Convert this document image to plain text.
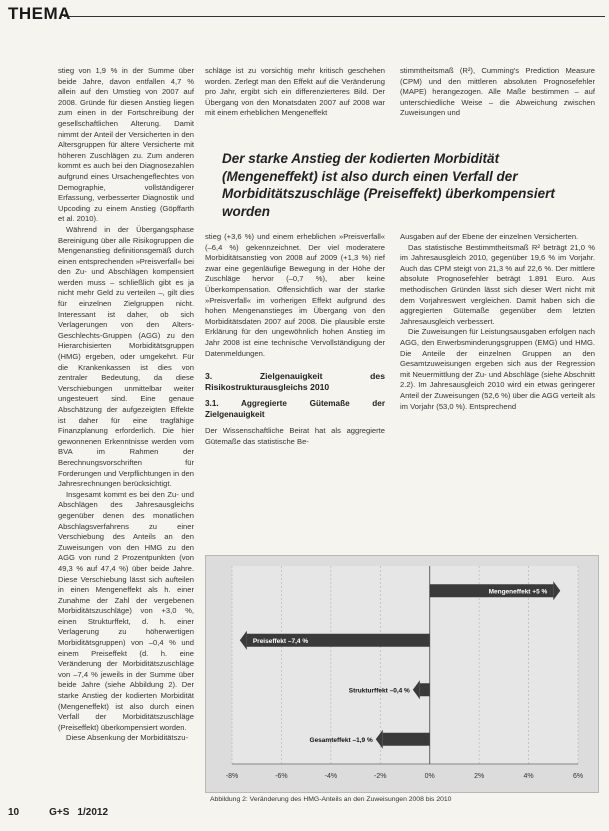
THEMA

stieg von 1,9 % in der Summe über beide Jahre, davon entfallen 4,7 % allein auf den Umstieg von 2007 auf 2008. Gründe für diesen Anstieg liegen zum einen in der Fortschreibung der gesellschaftlichen Alterung. Damit nimmt der Anteil der Versicherten in den Altersgruppen für ältere Versicherte mit höheren Zuschlägen zu. Zum anderen kommt es auch bei den Diagnosezahlen aufgrund eines Ursachengeflechtes von Demographie, vollständigerer Erfassung, verbesserter Diagnostik und Upcoding zu einem Anstieg (Göpffarth et al. 2010).

Während in der Übergangsphase Bereinigung über alle Risikogruppen die Mengenanstieg definitionsgemäß durch einen entsprechenden »Preisverfall« bei den Zu- und Abschlägen kompensiert werden muss – schließlich gibt es ja nicht mehr Geld zu verteilen –, gilt dies für einzelnen Zielgruppen nicht. Interessant ist daher, ob sich Verlagerungen von den Alters-Geschlechts-Gruppen (AGG) zu den Hierarchisierten Morbiditätsgruppen (HMG) ergeben, oder umgekehrt. Für die Krankenkassen ist dies von zentraler Bedeutung, da diese Verschiebungen unmittelbar weiter ungesteuert sind. Eine genaue Abschätzung der aufgezeigten Effekte ist daher für eine tragfähige Finanzplanung erforderlich. Die hier gewonnenen Erkenntnisse werden vom BVA im Rahmen der Berechnungsvorschriften für Forderungen und Verpflichtungen in den Jahresrechnungen berücksichtigt.

Insgesamt kommt es bei den Zu- und Abschlägen des Jahresausgleichs gegenüber denen des monatlichen Abschlagsverfahrens zu einer Verschiebung des Anteils an den Zuweisungen von den HMG zu den AGG von rund 2 Prozentpunkten (von 49,3 % auf 47,4 %) über beide Jahre. Diese Verschiebung lässt sich aufteilen in einen Mengeneffekt als h. einer Zunahme der Zahl der vergebenen Morbiditätszuschläge) von +3,0 %, einen Strukturffekt, d. h. einer Verlagerung zu höherwertigen Morbiditätsgruppen) von –0,4 % und einem Preiseffekt (d. h. eine Veränderung der Morbiditätszuschläge von –7,4 % jeweils in der Summe über beide Jahre (siehe Abbildung 2). Der starke Anstieg der kodierten Morbidität (Mengeneffekt) ist also durch einen Verfall der Morbiditätszuschläge (Preiseffekt) überkompensiert worden.

Diese Absenkung der Morbiditätszu-

schläge ist zu vorsichtig mehr kritisch geschehen worden. Zerlegt man den Effekt auf die Veränderung pro Jahr, ergibt sich ein differenzierteres Bild. Der Übergang von den Monatsdaten 2007 auf 2008 war mit einem erheblichen Mengeneffekt

stimmtheitsmaß (R²), Cumming's Prediction Measure (CPM) und den mittleren absoluten Prognosefehler (MAPE) herangezogen. Alle Maße bestimmen – auf unterschiedliche Weise – die Abweichung zwischen Zuweisungen und

Der starke Anstieg der kodierten Morbidität (Mengeneffekt) ist also durch einen Verfall der Morbiditätszuschläge (Preiseffekt) überkompensiert worden

stieg (+3,6 %) und einem erheblichen »Preisverfall« (–6,4 %) gekennzeichnet. Der viel moderatere Morbiditätsanstieg von 2008 auf 2009 (+1,3 %) rief zwar eine gegenläufige Bewegung in der Höhe der Zuschläge hervor (–0,7 %), aber keine Überkompensation. Offensichtlich war der starke »Preisverfall« im vorherigen Effekt aufgrund des hohen Mengenanstieges im Übergang von den Morbiditätsdaten 2007 auf 2008. Die plausible erste Erklärung für den ungewöhnlich hohen Anstieg im Jahr 2008 ist eine technische Vervollständigung der Datenmeldungen.

3. Zielgenauigkeit des Risikostrukturausgleichs 2010
3.1. Aggregierte Gütemaße der Zielgenauigkeit

Der Wissenschaftliche Beirat hat als aggregierte Gütemaße das statistische Be-

Ausgaben auf der Ebene der einzelnen Versicherten.

Das statistische Bestimmtheitsmaß R² beträgt 21,0 % im Jahresausgleich 2010, gegenüber 19,6 % im Vorjahr. Auch das CPM steigt von 21,3 % auf 22,6 %. Der mittlere absolute Prognosefehler beträgt 1.891 Euro. Aus methodischen Gründen lässt sich dieser Wert nicht mit dem Vorjahreswert vergleichen. Damit haben sich die aggregierten Gütemaße gegenüber dem letzten Jahresausgleich verbessert.

Die Zuweisungen für Leistungsausgaben erfolgen nach AGG, den Erwerbsminderungsgruppen (EMG) und HMG. Die Anteile der einzelnen Gruppen an den Gesamtzuweisungen ergeben sich aus der Regression mit Neuermittlung der Zu- und Abschläge (siehe Abschnitt 2.2). Im Jahresausgleich 2010 wird ein etwas geringerer Anteil der Zuweisungen (52,6 %) über die AGG verteilt als im Vorjahr (53,0 %). Entsprechend

-8%	-6%	-4%	-2%	0%	2%	4%	6%
Mengeneffekt +5 %
Preiseffekt –7,4 %
Strukturffekt –0,4 %
Gesamteffekt –1,9 %
Abbildung 2: Veränderung des HMG-Anteils an den Zuweisungen 2008 bis 2010
10	G+S 1/2012
